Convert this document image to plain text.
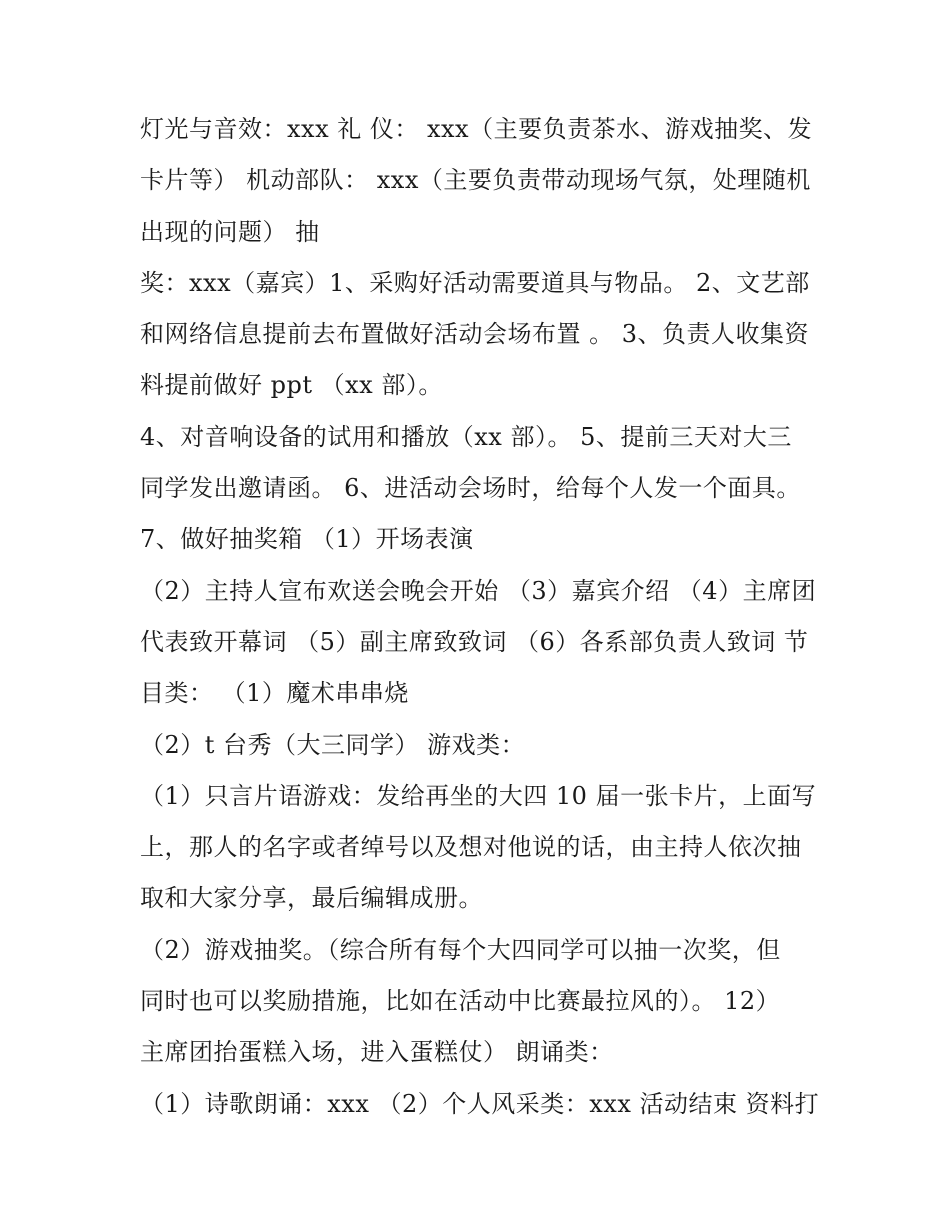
灯光与音效：xxx 礼 仪： xxx（主要负责茶水、游戏抽奖、发
卡片等） 机动部队： xxx（主要负责带动现场气氛，处理随机
出现的问题） 抽
奖：xxx（嘉宾）1、采购好活动需要道具与物品。 2、文艺部
和网络信息提前去布置做好活动会场布置 。 3、负责人收集资
料提前做好 ppt （xx 部）。
4、对音响设备的试用和播放（xx 部）。 5、提前三天对大三
同学发出邀请函。 6、进活动会场时，给每个人发一个面具。
7、做好抽奖箱 （1）开场表演
（2）主持人宣布欢送会晚会开始 （3）嘉宾介绍 （4）主席团
代表致开幕词 （5）副主席致致词 （6）各系部负责人致词 节
目类： （1）魔术串串烧
（2）t 台秀（大三同学） 游戏类：
（1）只言片语游戏：发给再坐的大四 10 届一张卡片，上面写
上，那人的名字或者绰号以及想对他说的话，由主持人依次抽
取和大家分享，最后编辑成册。
（2）游戏抽奖。（综合所有每个大四同学可以抽一次奖，但
同时也可以奖励措施，比如在活动中比赛最拉风的）。 12）
主席团抬蛋糕入场，进入蛋糕仗） 朗诵类：
（1）诗歌朗诵：xxx （2）个人风采类：xxx 活动结束 资料打
